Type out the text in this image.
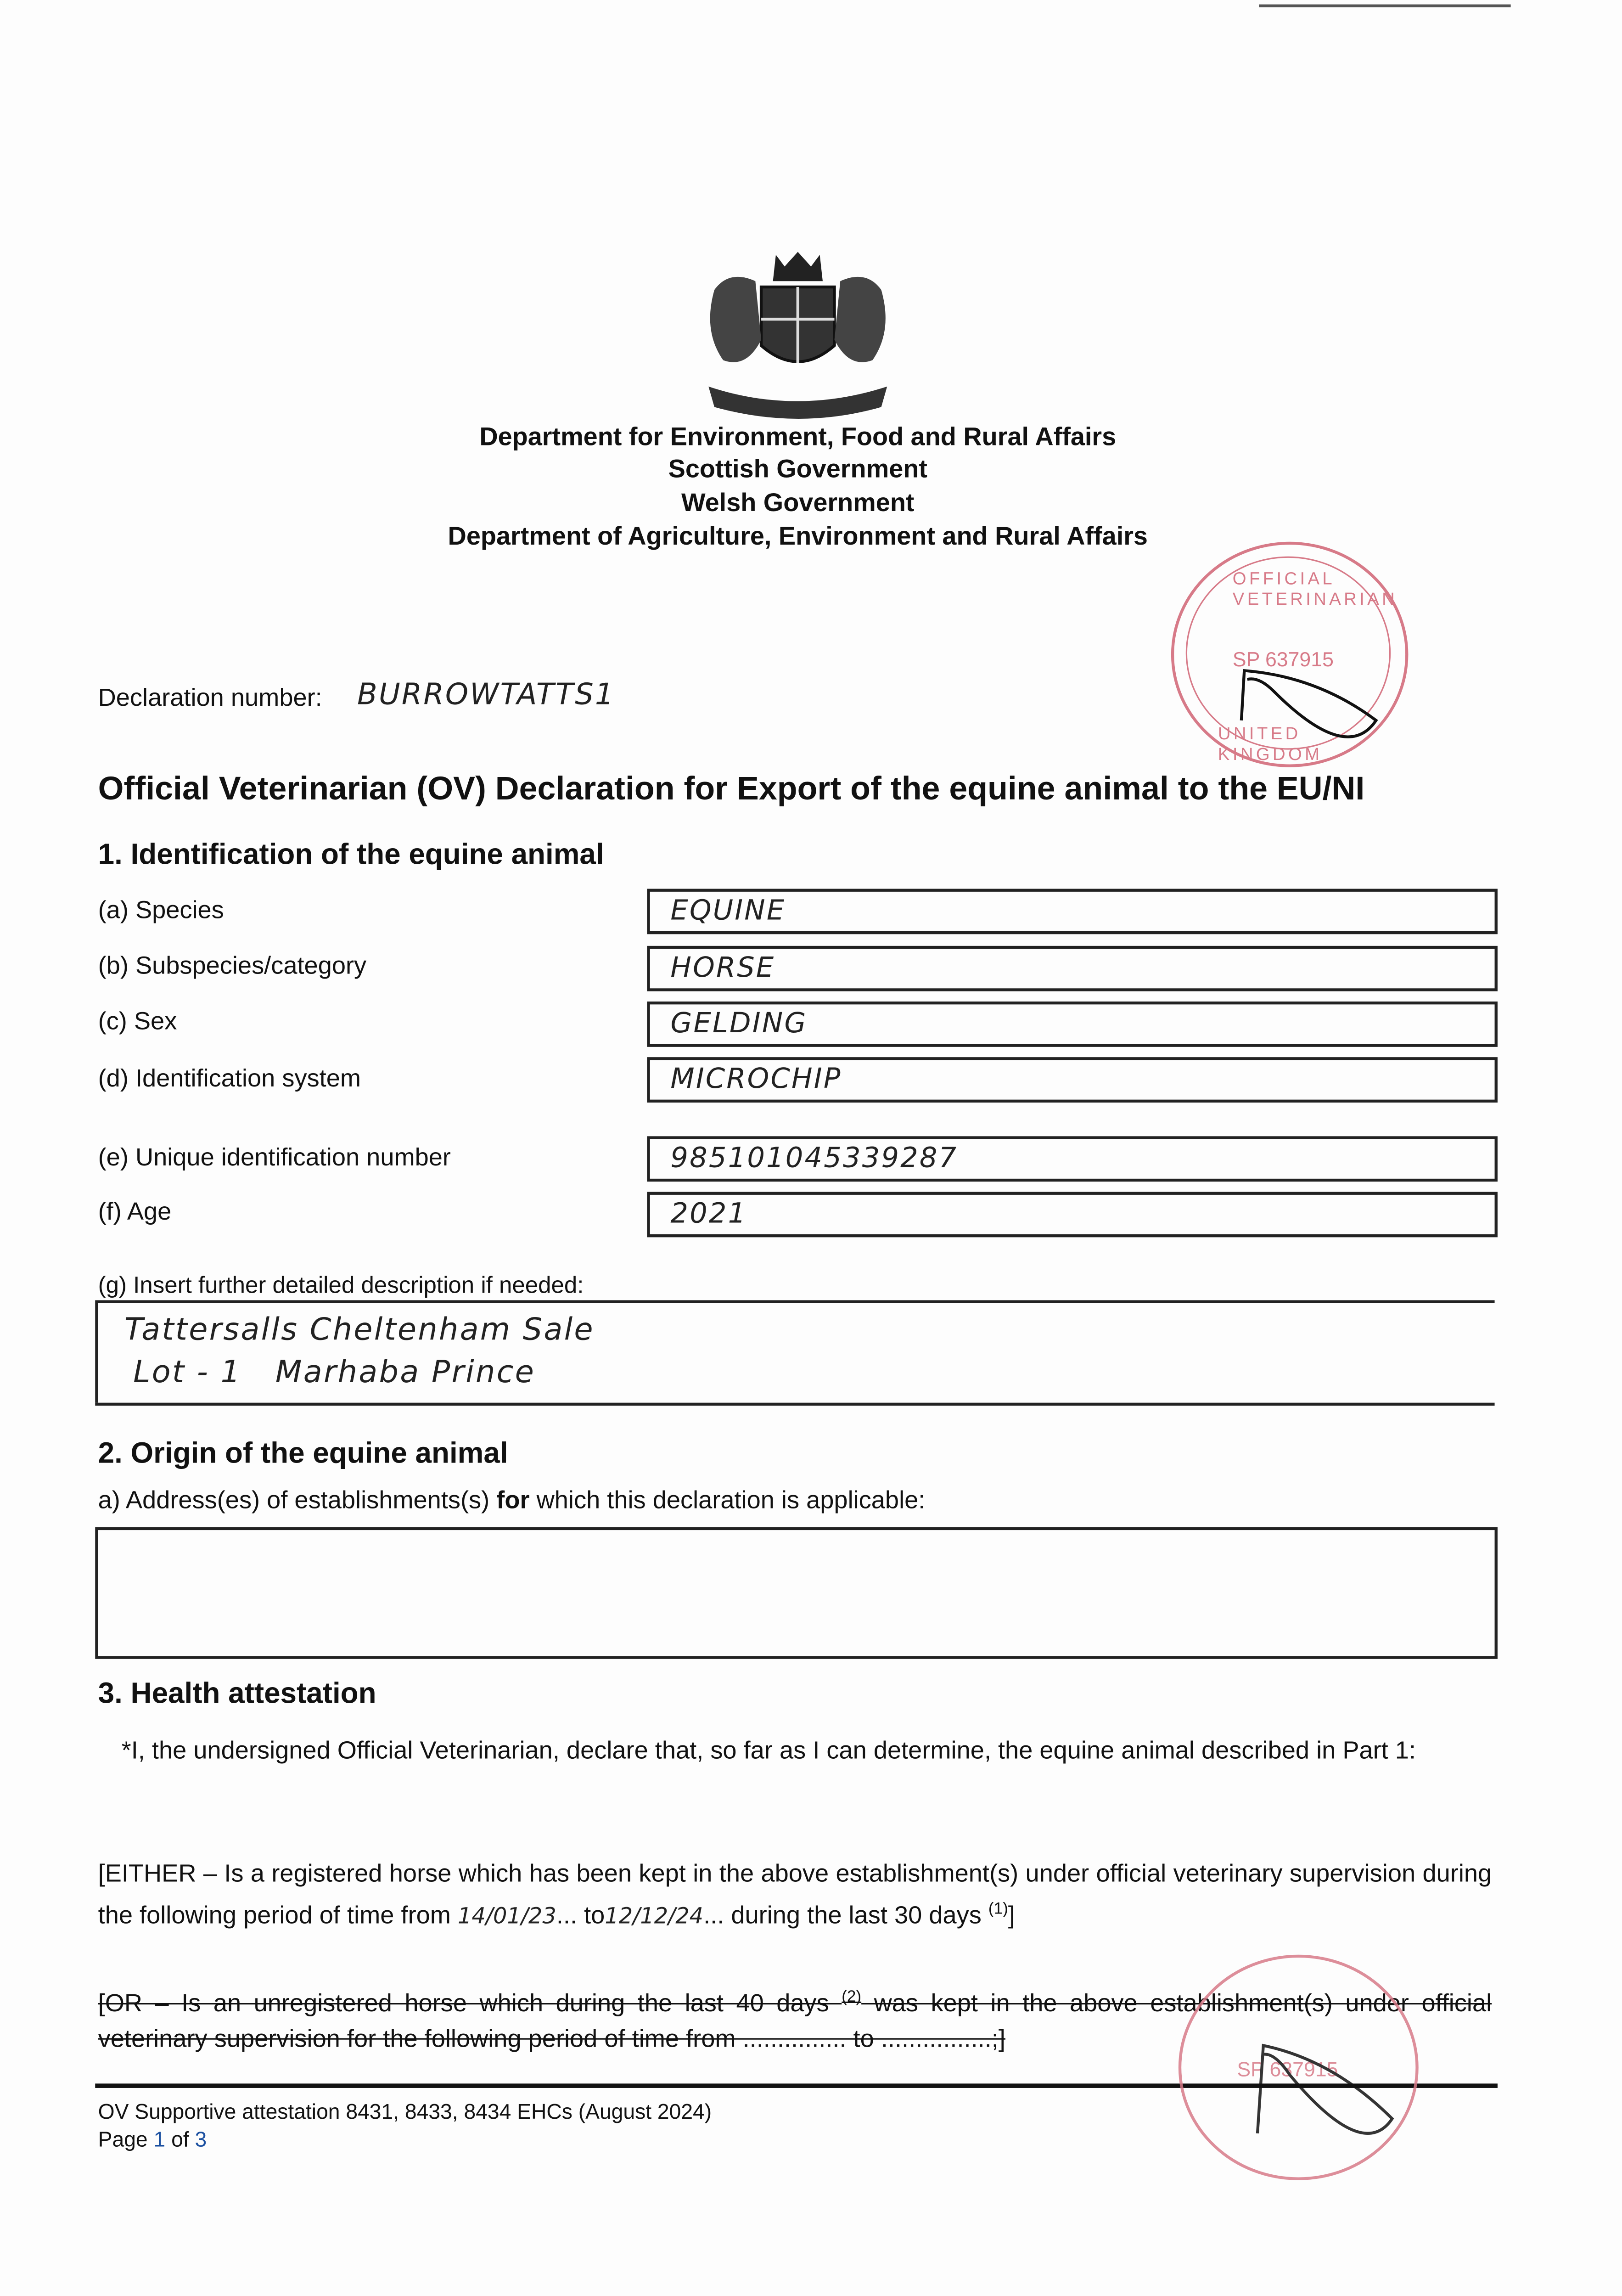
Department for Environment, Food and Rural Affairs
Scottish Government
Welsh Government
Department of Agriculture, Environment and Rural Affairs
OFFICIAL VETERINARIAN
SP 637915
UNITED KINGDOM
Declaration number:	BURROWTATTS1
Official Veterinarian (OV) Declaration for Export of the equine animal to the EU/NI
1. Identification of the equine animal
(a) Species	EQUINE
(b) Subspecies/category	HORSE
(c) Sex	GELDING
(d) Identification system	MICROCHIP
(e) Unique identification number	985101045339287
(f) Age	2021
(g) Insert further detailed description if needed:
Tattersalls Cheltenham Sale
Lot - 1   Marhaba Prince
2. Origin of the equine animal
a) Address(es) of establishments(s) for which this declaration is applicable:
3. Health attestation
*I, the undersigned Official Veterinarian, declare that, so far as I can determine, the equine animal described in Part 1:
[EITHER – Is a registered horse which has been kept in the above establishment(s) under official veterinary supervision during the following period of time from 14/01/23... to12/12/24... during the last 30 days $^{(1)}$]
[OR – Is an unregistered horse which during the last 40 days $^{(2)}$ was kept in the above establishment(s) under official veterinary supervision for the following period of time from ............... to ................;]
OV Supportive attestation 8431, 8433, 8434 EHCs (August 2024)
Page 1 of 3
SP 637915
